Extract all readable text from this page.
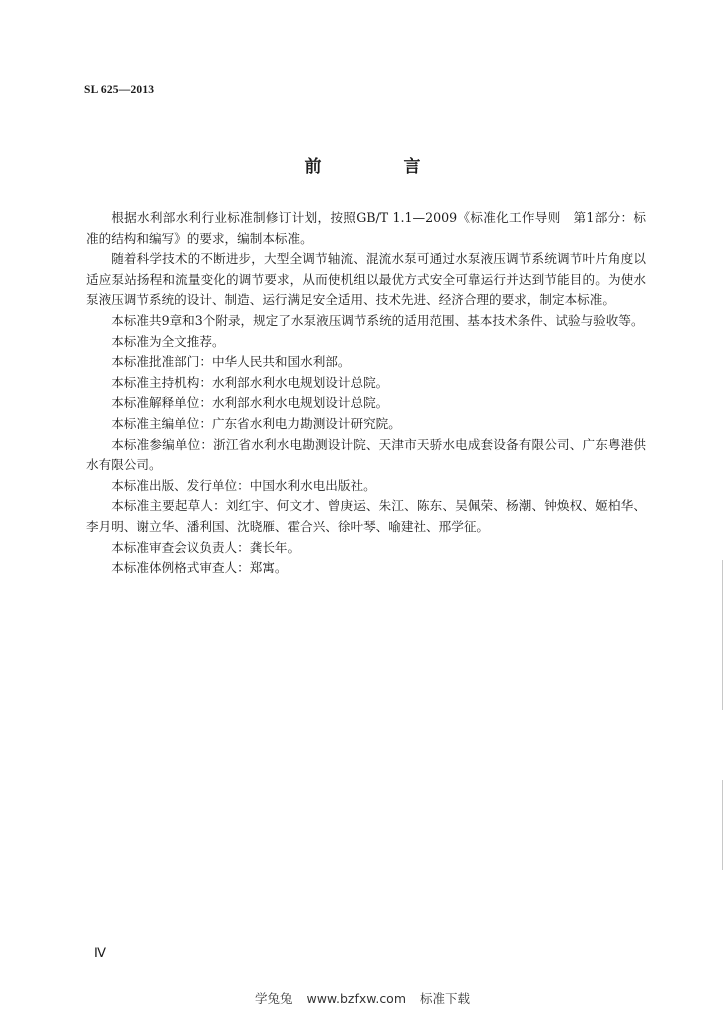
SL 625—2013
前 言

根据水利部水利行业标准制修订计划，按照GB/T 1.1—2009《标准化工作导则　第1部分：标准的结构和编写》的要求，编制本标准。

随着科学技术的不断进步，大型全调节轴流、混流水泵可通过水泵液压调节系统调节叶片角度以适应泵站扬程和流量变化的调节要求，从而使机组以最优方式安全可靠运行并达到节能目的。为使水泵液压调节系统的设计、制造、运行满足安全适用、技术先进、经济合理的要求，制定本标准。

本标准共9章和3个附录，规定了水泵液压调节系统的适用范围、基本技术条件、试验与验收等。

本标准为全文推荐。

本标准批准部门：中华人民共和国水利部。

本标准主持机构：水利部水利水电规划设计总院。

本标准解释单位：水利部水利水电规划设计总院。

本标准主编单位：广东省水利电力勘测设计研究院。

本标准参编单位：浙江省水利水电勘测设计院、天津市天骄水电成套设备有限公司、广东粤港供水有限公司。

本标准出版、发行单位：中国水利水电出版社。

本标准主要起草人：刘红宇、何文才、曾庚运、朱江、陈东、吴佩荣、杨潮、钟焕权、姬柏华、李月明、谢立华、潘利国、沈晓雁、霍合兴、徐叶琴、喻建社、邢学征。

本标准审查会议负责人：龚长年。

本标准体例格式审查人：郑寓。

Ⅳ
学兔兔 www.bzfxw.com 标准下载
